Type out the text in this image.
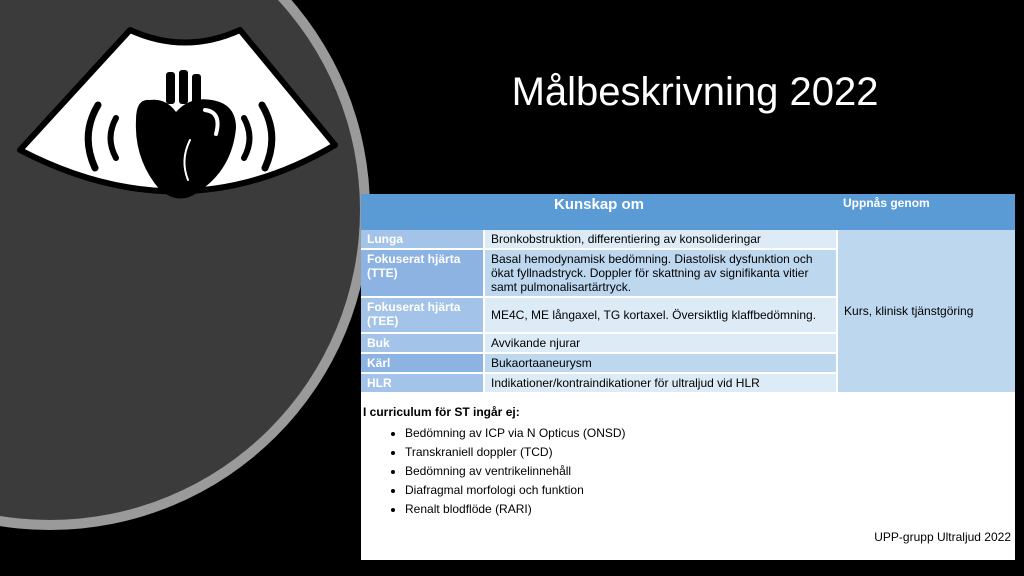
Målbeskrivning 2022
Kunskap om		Uppnås genom
Lunga	Bronkobstruktion, differentiering av konsolideringar	Kurs, klinisk tjänstgöring
Fokuserat hjärta (TTE)	Basal hemodynamisk bedömning. Diastolisk dysfunktion och ökat fyllnadstryck. Doppler för skattning av signifikanta vitier samt pulmonalisartärtryck.	
Fokuserat hjärta (TEE)	ME4C, ME långaxel, TG kortaxel. Översiktlig klaffbedömning.	
Buk	Avvikande njurar	
Kärl	Bukaortaaneurysm	
HLR	Indikationer/kontraindikationer för ultraljud vid HLR	
I curriculum för ST ingår ej:
• Bedömning av ICP via N Opticus (ONSD)
• Transkraniell doppler (TCD)
• Bedömning av ventrikelinnehåll
• Diafragmal morfologi och funktion
• Renalt blodflöde (RARI)
UPP-grupp Ultraljud 2022
